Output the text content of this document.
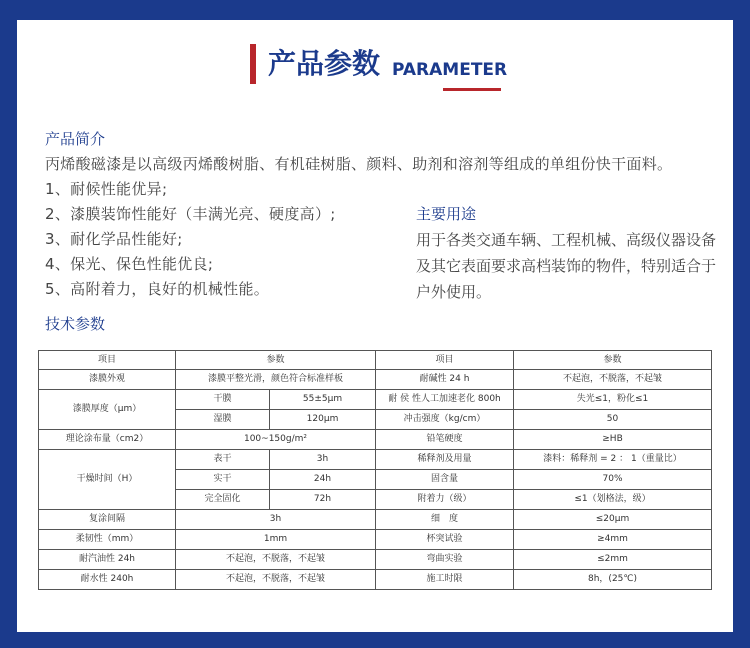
产品参数 PARAMETER
产品简介
丙烯酸磁漆是以高级丙烯酸树脂、有机硅树脂、颜料、助剂和溶剂等组成的单组份快干面料。
1、耐候性能优异;
2、漆膜装饰性能好（丰满光亮、硬度高）;
3、耐化学品性能好;
4、保光、保色性能优良;
5、高附着力，良好的机械性能。
主要用途
用于各类交通车辆、工程机械、高级仪器设备及其它表面要求高档装饰的物件，特别适合于户外使用。
技术参数
项目	参数		项目	参数
漆膜外观	漆膜平整光滑，颜色符合标准样板		耐碱性 24 h	不起泡，不脱落，不起皱
漆膜厚度（μm）	干膜	55±5μm	耐 侯 性人工加速老化 800h	失光≤1，粉化≤1
	湿膜	120μm	冲击强度（kg/cm）	50
理论涂布量（cm2）	100~150g/m²		铅笔硬度	≥HB
干燥时间（H）	表干	3h	稀释剂及用量	漆料：稀释剂 = 2 ： 1（重量比）
	实干	24h	固含量	70%
	完全固化	72h	附着力（级）	≤1（划格法，级）
复涂间隔	3h		细　度	≤20μm
柔韧性（mm）	1mm		杯突试验	≥4mm
耐汽油性 24h	不起泡，不脱落，不起皱		弯曲实验	≤2mm
耐水性 240h	不起泡，不脱落，不起皱		施工时限	8h，(25℃)
